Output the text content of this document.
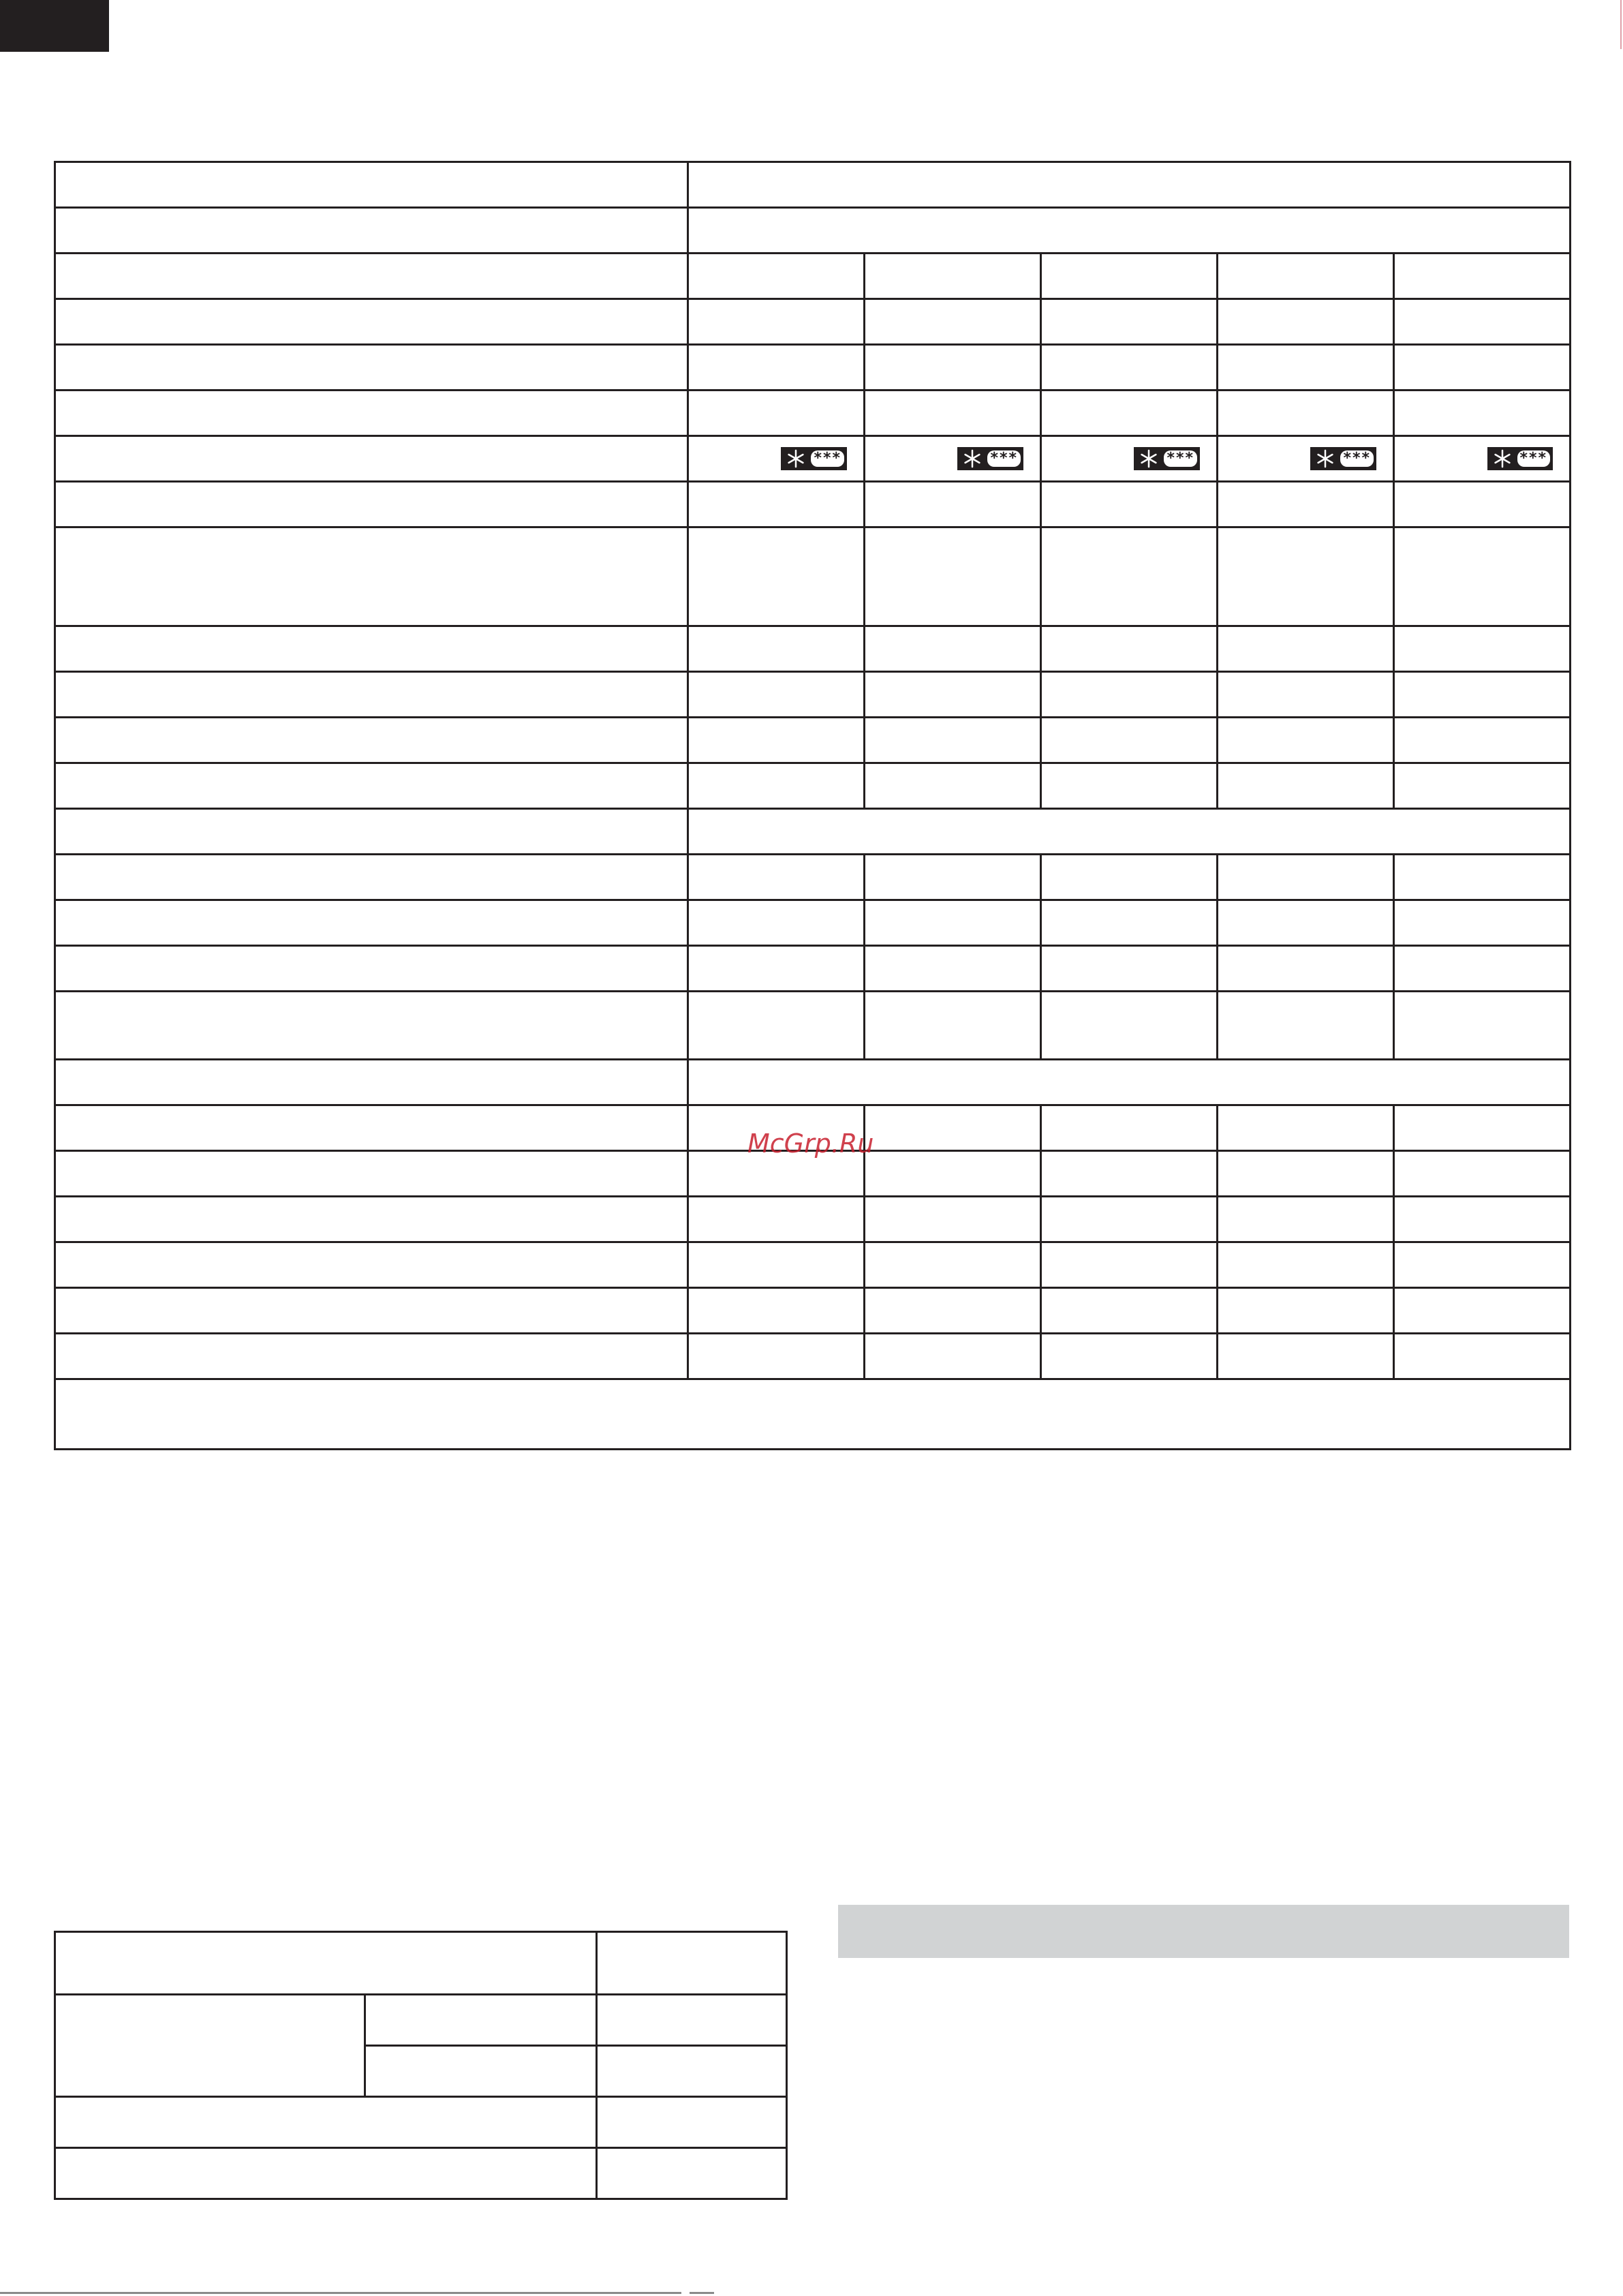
	***	***	***	***	***

McGrp.Ru
